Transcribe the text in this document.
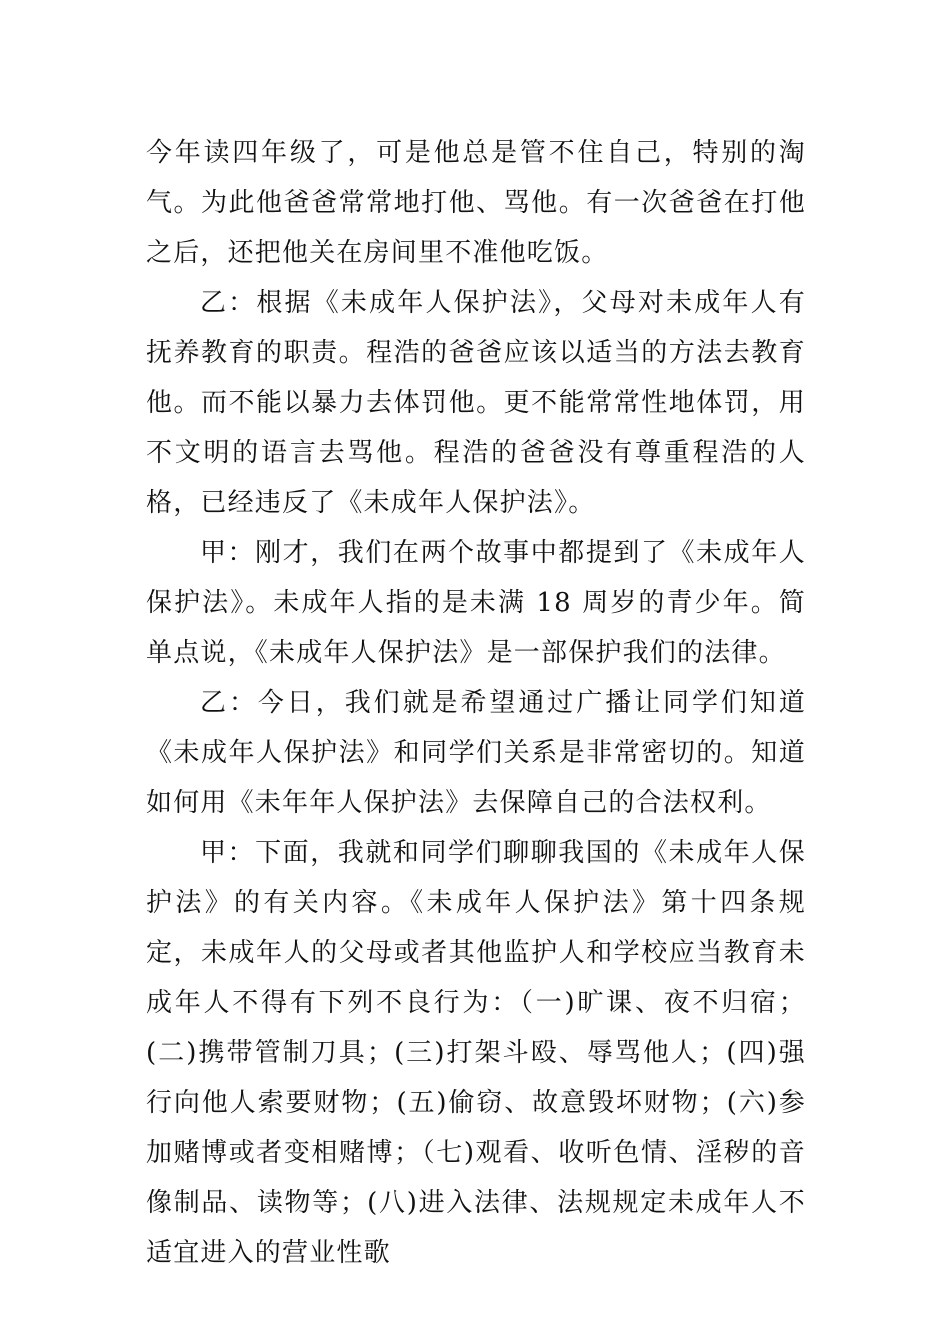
今年读四年级了，可是他总是管不住自己，特别的淘气。为此他爸爸常常地打他、骂他。有一次爸爸在打他之后，还把他关在房间里不准他吃饭。

乙：根据《未成年人保护法》，父母对未成年人有抚养教育的职责。程浩的爸爸应该以适当的方法去教育他。而不能以暴力去体罚他。更不能常常性地体罚，用不文明的语言去骂他。程浩的爸爸没有尊重程浩的人格，已经违反了《未成年人保护法》。

甲：刚才，我们在两个故事中都提到了《未成年人保护法》。未成年人指的是未满 18 周岁的青少年。简单点说，《未成年人保护法》是一部保护我们的法律。

乙：今日，我们就是希望通过广播让同学们知道《未成年人保护法》和同学们关系是非常密切的。知道如何用《未年年人保护法》去保障自己的合法权利。

甲：下面，我就和同学们聊聊我国的《未成年人保护法》的有关内容。《未成年人保护法》第十四条规定，未成年人的父母或者其他监护人和学校应当教育未成年人不得有下列不良行为：（一)旷课、夜不归宿；(二)携带管制刀具；(三)打架斗殴、辱骂他人；(四)强行向他人索要财物；(五)偷窃、故意毁坏财物；(六)参加赌博或者变相赌博；（七)观看、收听色情、淫秽的音像制品、读物等；(八)进入法律、法规规定未成年人不适宜进入的营业性歌
